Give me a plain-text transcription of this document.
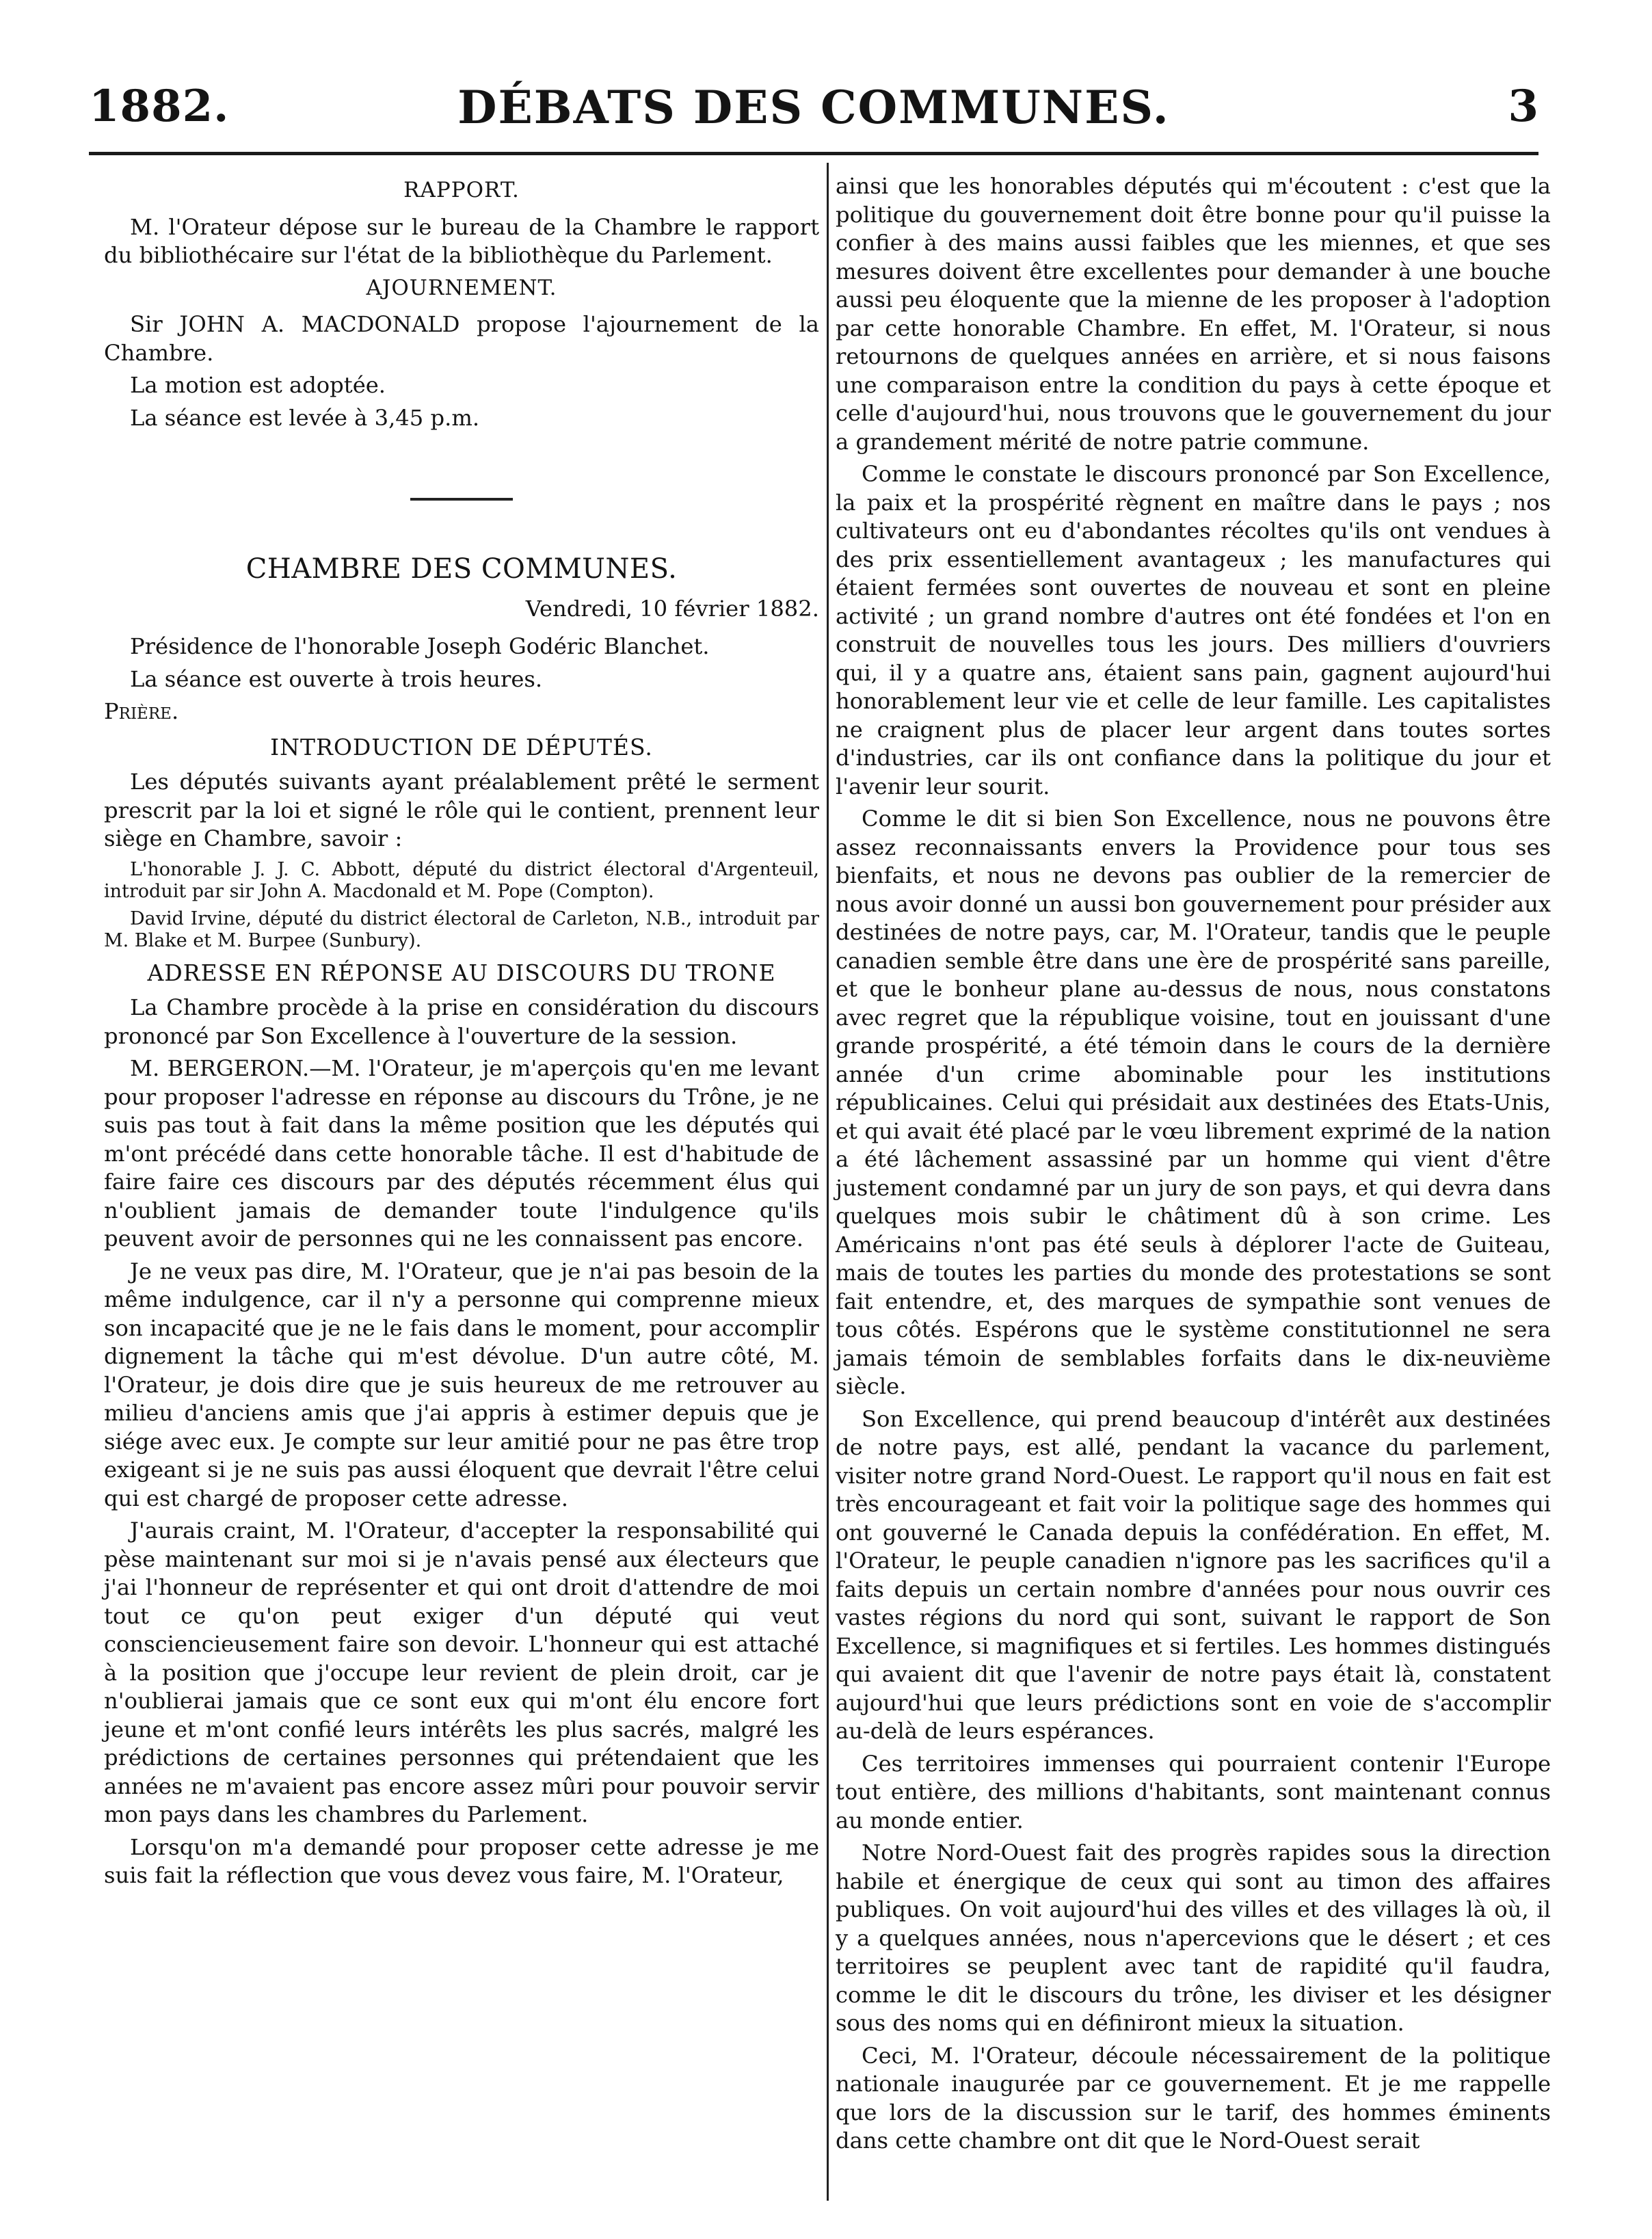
1882.	DÉBATS DES COMMUNES.	3
RAPPORT.

M. l'Orateur dépose sur le bureau de la Chambre le rapport du bibliothécaire sur l'état de la bibliothèque du Parlement.

AJOURNEMENT.

Sir JOHN A. MACDONALD propose l'ajournement de la Chambre.

La motion est adoptée.

La séance est levée à 3,45 p.m.

CHAMBRE DES COMMUNES.
Vendredi, 10 février 1882.

Présidence de l'honorable Joseph Godéric Blanchet.

La séance est ouverte à trois heures.

Prière.

INTRODUCTION DE DÉPUTÉS.

Les députés suivants ayant préalablement prêté le serment prescrit par la loi et signé le rôle qui le contient, prennent leur siège en Chambre, savoir :

L'honorable J. J. C. Abbott, député du district électoral d'Argenteuil, introduit par sir John A. Macdonald et M. Pope (Compton).

David Irvine, député du district électoral de Carleton, N.B., introduit par M. Blake et M. Burpee (Sunbury).

ADRESSE EN RÉPONSE AU DISCOURS DU TRONE

La Chambre procède à la prise en considération du discours prononcé par Son Excellence à l'ouverture de la session.

M. BERGERON.—M. l'Orateur, je m'aperçois qu'en me levant pour proposer l'adresse en réponse au discours du Trône, je ne suis pas tout à fait dans la même position que les députés qui m'ont précédé dans cette honorable tâche. Il est d'habitude de faire faire ces discours par des députés récemment élus qui n'oublient jamais de demander toute l'indulgence qu'ils peuvent avoir de personnes qui ne les connaissent pas encore.

Je ne veux pas dire, M. l'Orateur, que je n'ai pas besoin de la même indulgence, car il n'y a personne qui comprenne mieux son incapacité que je ne le fais dans le moment, pour accomplir dignement la tâche qui m'est dévolue. D'un autre côté, M. l'Orateur, je dois dire que je suis heureux de me retrouver au milieu d'anciens amis que j'ai appris à estimer depuis que je siége avec eux. Je compte sur leur amitié pour ne pas être trop exigeant si je ne suis pas aussi éloquent que devrait l'être celui qui est chargé de proposer cette adresse.

J'aurais craint, M. l'Orateur, d'accepter la responsabilité qui pèse maintenant sur moi si je n'avais pensé aux électeurs que j'ai l'honneur de représenter et qui ont droit d'attendre de moi tout ce qu'on peut exiger d'un député qui veut consciencieusement faire son devoir. L'honneur qui est attaché à la position que j'occupe leur revient de plein droit, car je n'oublierai jamais que ce sont eux qui m'ont élu encore fort jeune et m'ont confié leurs intérêts les plus sacrés, malgré les prédictions de certaines personnes qui prétendaient que les années ne m'avaient pas encore assez mûri pour pouvoir servir mon pays dans les chambres du Parlement.

Lorsqu'on m'a demandé pour proposer cette adresse je me suis fait la réflection que vous devez vous faire, M. l'Orateur,

ainsi que les honorables députés qui m'écoutent : c'est que la politique du gouvernement doit être bonne pour qu'il puisse la confier à des mains aussi faibles que les miennes, et que ses mesures doivent être excellentes pour demander à une bouche aussi peu éloquente que la mienne de les proposer à l'adoption par cette honorable Chambre. En effet, M. l'Orateur, si nous retournons de quelques années en arrière, et si nous faisons une comparaison entre la condition du pays à cette époque et celle d'aujourd'hui, nous trouvons que le gouvernement du jour a grandement mérité de notre patrie commune.

Comme le constate le discours prononcé par Son Excellence, la paix et la prospérité règnent en maître dans le pays ; nos cultivateurs ont eu d'abondantes récoltes qu'ils ont vendues à des prix essentiellement avantageux ; les manufactures qui étaient fermées sont ouvertes de nouveau et sont en pleine activité ; un grand nombre d'autres ont été fondées et l'on en construit de nouvelles tous les jours. Des milliers d'ouvriers qui, il y a quatre ans, étaient sans pain, gagnent aujourd'hui honorablement leur vie et celle de leur famille. Les capitalistes ne craignent plus de placer leur argent dans toutes sortes d'industries, car ils ont confiance dans la politique du jour et l'avenir leur sourit.

Comme le dit si bien Son Excellence, nous ne pouvons être assez reconnaissants envers la Providence pour tous ses bienfaits, et nous ne devons pas oublier de la remercier de nous avoir donné un aussi bon gouvernement pour présider aux destinées de notre pays, car, M. l'Orateur, tandis que le peuple canadien semble être dans une ère de prospérité sans pareille, et que le bonheur plane au-dessus de nous, nous constatons avec regret que la république voisine, tout en jouissant d'une grande prospérité, a été témoin dans le cours de la dernière année d'un crime abominable pour les institutions républicaines. Celui qui présidait aux destinées des Etats-Unis, et qui avait été placé par le vœu librement exprimé de la nation a été lâchement assassiné par un homme qui vient d'être justement condamné par un jury de son pays, et qui devra dans quelques mois subir le châtiment dû à son crime. Les Américains n'ont pas été seuls à déplorer l'acte de Guiteau, mais de toutes les parties du monde des protestations se sont fait entendre, et, des marques de sympathie sont venues de tous côtés. Espérons que le système constitutionnel ne sera jamais témoin de semblables forfaits dans le dix-neuvième siècle.

Son Excellence, qui prend beaucoup d'intérêt aux destinées de notre pays, est allé, pendant la vacance du parlement, visiter notre grand Nord-Ouest. Le rapport qu'il nous en fait est très encourageant et fait voir la politique sage des hommes qui ont gouverné le Canada depuis la confédération. En effet, M. l'Orateur, le peuple canadien n'ignore pas les sacrifices qu'il a faits depuis un certain nombre d'années pour nous ouvrir ces vastes régions du nord qui sont, suivant le rapport de Son Excellence, si magnifiques et si fertiles. Les hommes distingués qui avaient dit que l'avenir de notre pays était là, constatent aujourd'hui que leurs prédictions sont en voie de s'accomplir au-delà de leurs espérances.

Ces territoires immenses qui pourraient contenir l'Europe tout entière, des millions d'habitants, sont maintenant connus au monde entier.

Notre Nord-Ouest fait des progrès rapides sous la direction habile et énergique de ceux qui sont au timon des affaires publiques. On voit aujourd'hui des villes et des villages là où, il y a quelques années, nous n'apercevions que le désert ; et ces territoires se peuplent avec tant de rapidité qu'il faudra, comme le dit le discours du trône, les diviser et les désigner sous des noms qui en définiront mieux la situation.

Ceci, M. l'Orateur, découle nécessairement de la politique nationale inaugurée par ce gouvernement. Et je me rappelle que lors de la discussion sur le tarif, des hommes éminents dans cette chambre ont dit que le Nord-Ouest serait
